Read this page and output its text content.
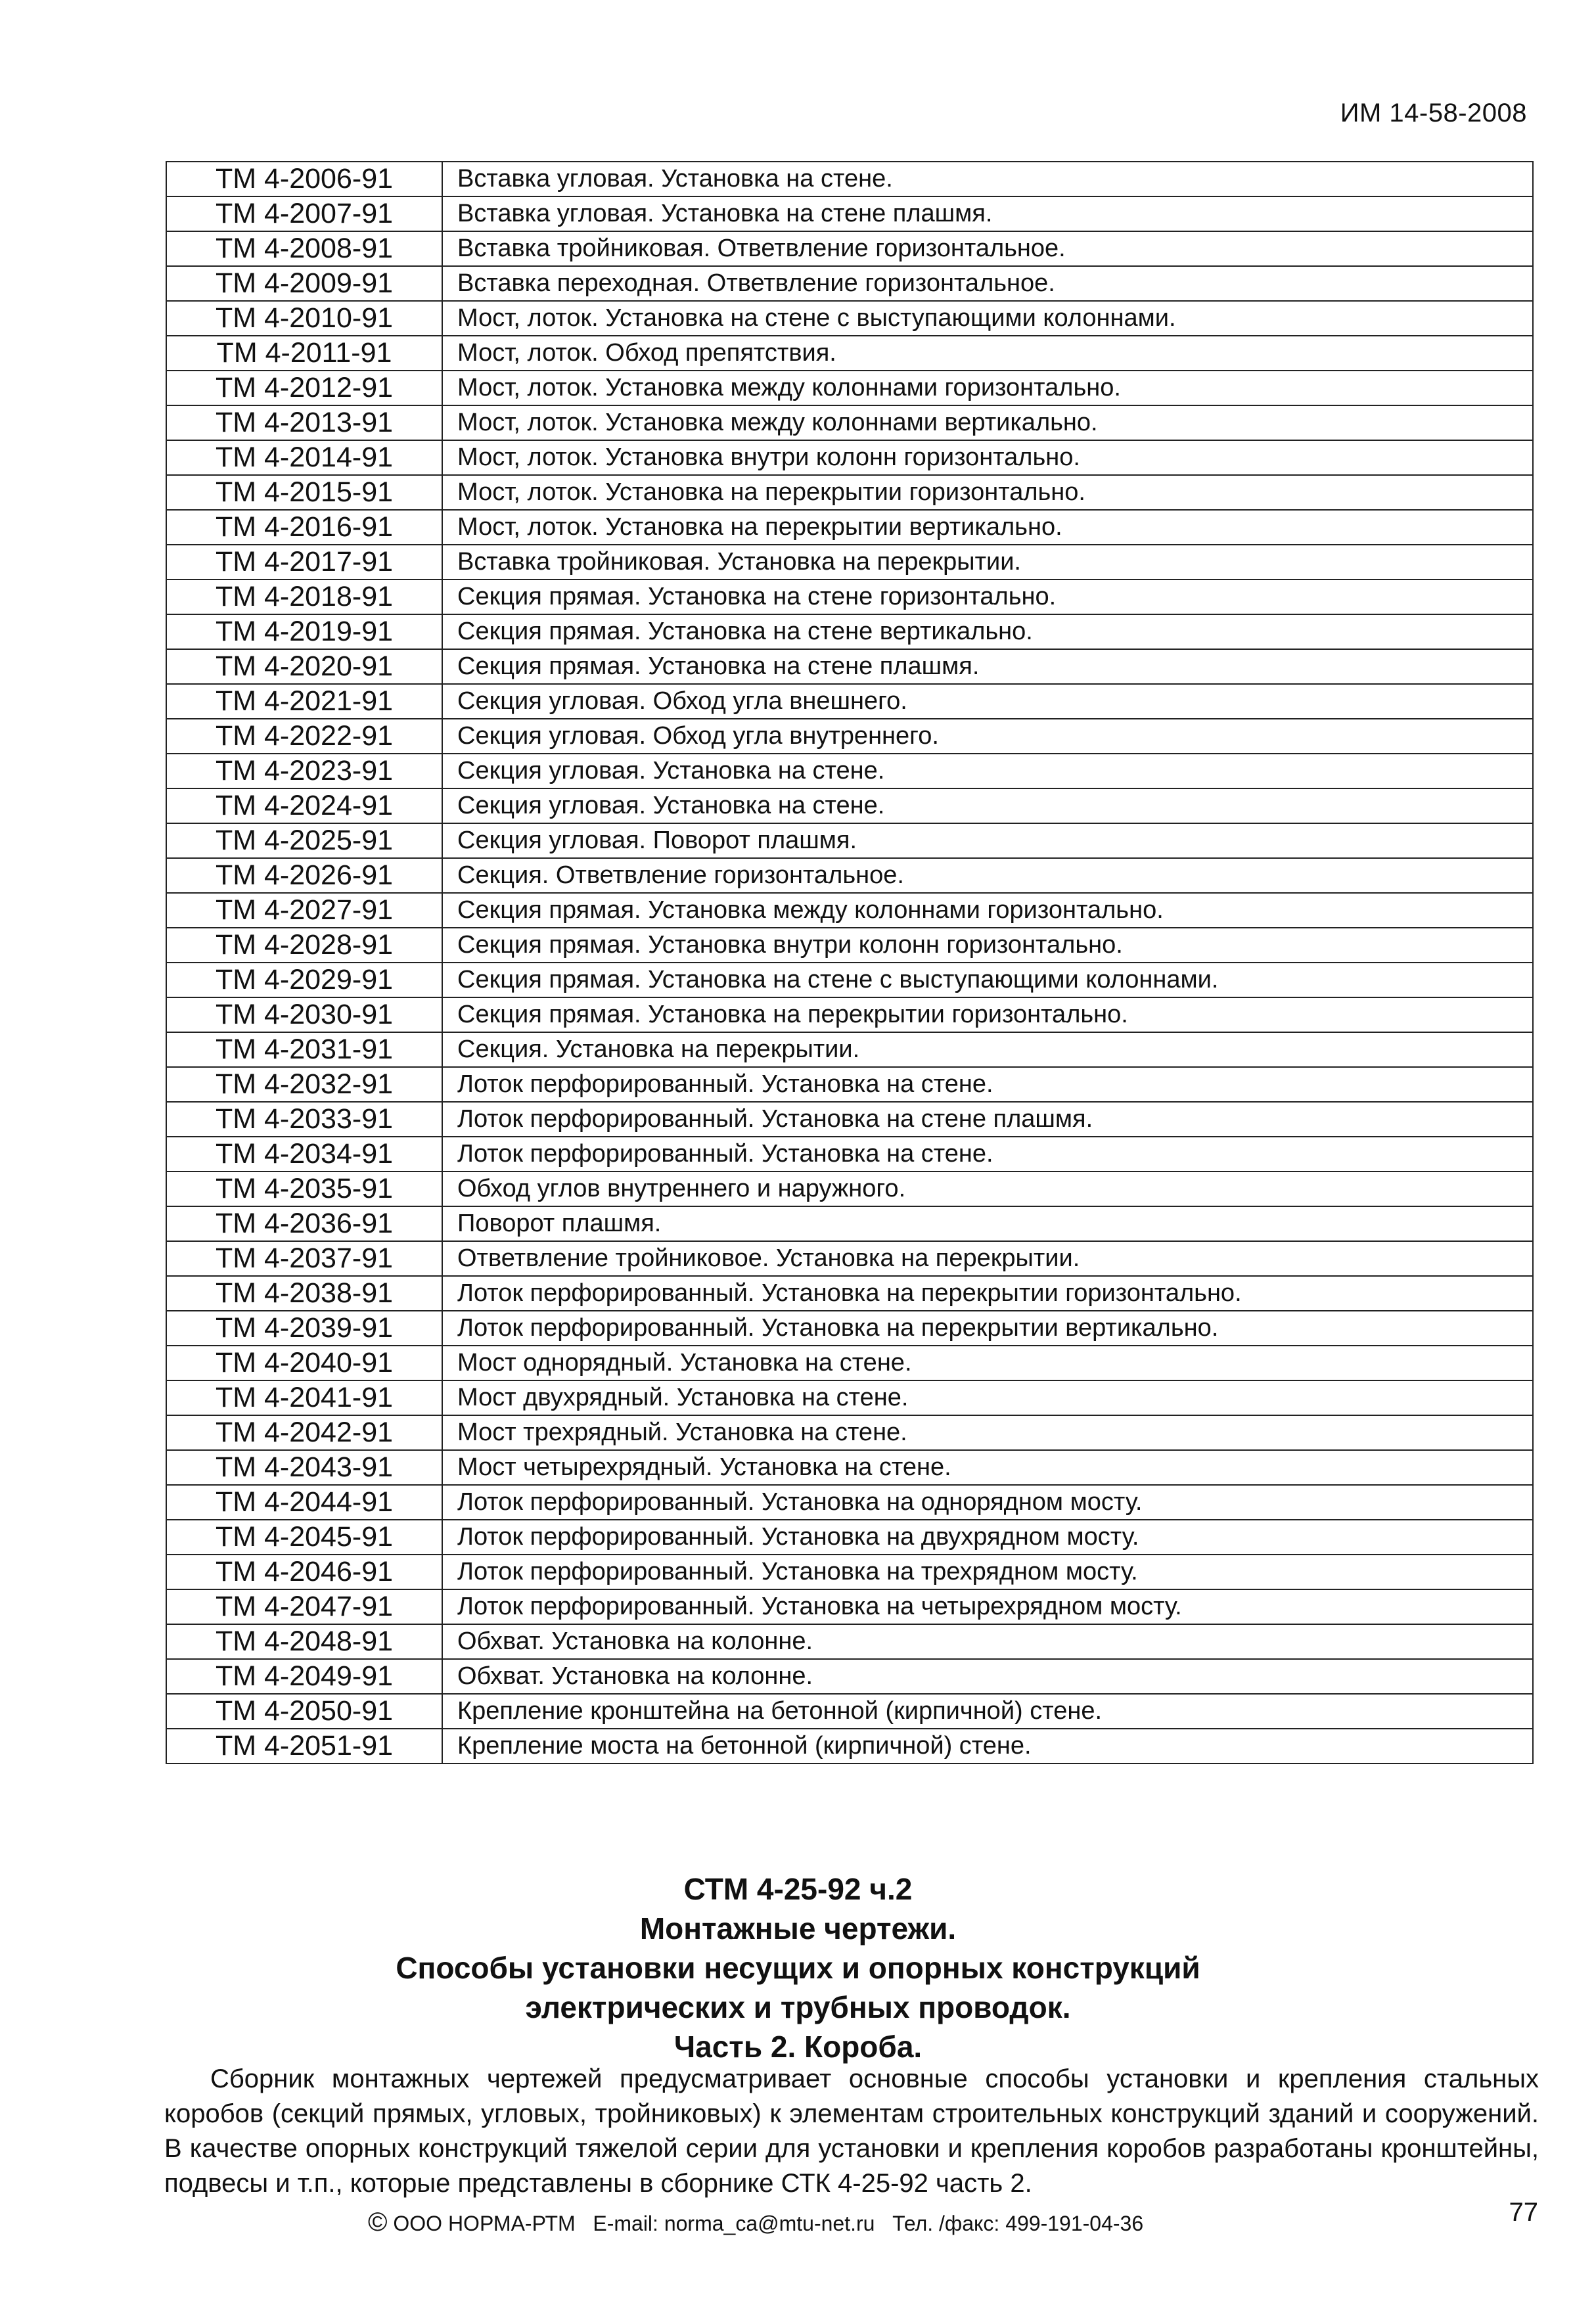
ИМ 14-58-2008
ТМ 4-2006-91	Вставка угловая. Установка на стене.
ТМ 4-2007-91	Вставка угловая. Установка на стене плашмя.
ТМ 4-2008-91	Вставка тройниковая. Ответвление горизонтальное.
ТМ 4-2009-91	Вставка переходная. Ответвление горизонтальное.
ТМ 4-2010-91	Мост, лоток. Установка на стене с выступающими колоннами.
ТМ 4-2011-91	Мост, лоток. Обход препятствия.
ТМ 4-2012-91	Мост, лоток. Установка между колоннами горизонтально.
ТМ 4-2013-91	Мост, лоток. Установка между колоннами вертикально.
ТМ 4-2014-91	Мост, лоток. Установка внутри колонн горизонтально.
ТМ 4-2015-91	Мост, лоток. Установка на перекрытии горизонтально.
ТМ 4-2016-91	Мост, лоток. Установка на перекрытии вертикально.
ТМ 4-2017-91	Вставка тройниковая. Установка на перекрытии.
ТМ 4-2018-91	Секция прямая. Установка на стене горизонтально.
ТМ 4-2019-91	Секция прямая. Установка на стене вертикально.
ТМ 4-2020-91	Секция прямая. Установка на стене плашмя.
ТМ 4-2021-91	Секция угловая. Обход угла внешнего.
ТМ 4-2022-91	Секция угловая. Обход угла внутреннего.
ТМ 4-2023-91	Секция угловая. Установка на стене.
ТМ 4-2024-91	Секция угловая. Установка на стене.
ТМ 4-2025-91	Секция угловая. Поворот плашмя.
ТМ 4-2026-91	Секция. Ответвление горизонтальное.
ТМ 4-2027-91	Секция прямая. Установка между колоннами горизонтально.
ТМ 4-2028-91	Секция прямая. Установка внутри колонн горизонтально.
ТМ 4-2029-91	Секция прямая. Установка на стене с выступающими колоннами.
ТМ 4-2030-91	Секция прямая. Установка на перекрытии горизонтально.
ТМ 4-2031-91	Секция. Установка на перекрытии.
ТМ 4-2032-91	Лоток перфорированный. Установка на стене.
ТМ 4-2033-91	Лоток перфорированный. Установка на стене плашмя.
ТМ 4-2034-91	Лоток перфорированный. Установка на стене.
ТМ 4-2035-91	Обход углов внутреннего и наружного.
ТМ 4-2036-91	Поворот плашмя.
ТМ 4-2037-91	Ответвление тройниковое. Установка на перекрытии.
ТМ 4-2038-91	Лоток перфорированный. Установка на перекрытии горизонтально.
ТМ 4-2039-91	Лоток перфорированный. Установка на перекрытии вертикально.
ТМ 4-2040-91	Мост однорядный. Установка на стене.
ТМ 4-2041-91	Мост двухрядный. Установка на стене.
ТМ 4-2042-91	Мост трехрядный. Установка на стене.
ТМ 4-2043-91	Мост четырехрядный. Установка на стене.
ТМ 4-2044-91	Лоток перфорированный. Установка на однорядном мосту.
ТМ 4-2045-91	Лоток перфорированный. Установка на двухрядном мосту.
ТМ 4-2046-91	Лоток перфорированный. Установка на трехрядном мосту.
ТМ 4-2047-91	Лоток перфорированный. Установка на четырехрядном мосту.
ТМ 4-2048-91	Обхват. Установка на колонне.
ТМ 4-2049-91	Обхват. Установка на колонне.
ТМ 4-2050-91	Крепление кронштейна на бетонной (кирпичной) стене.
ТМ 4-2051-91	Крепление моста на бетонной (кирпичной) стене.
СТМ 4-25-92 ч.2
Монтажные чертежи.
Способы установки несущих и опорных конструкций
электрических и трубных проводок.
Часть 2. Короба.
Сборник монтажных чертежей предусматривает основные способы установки и крепления стальных коробов (секций прямых, угловых, тройниковых) к элементам строительных конструкций зданий и сооружений. В качестве опорных конструкций тяжелой серии для установки и крепления коробов разработаны кронштейны, подвесы и т.п., которые представлены в сборнике СТК 4-25-92 часть 2.
© ООО НОРМА-РТМ E-mail: norma_ca@mtu-net.ru Тел. /факс: 499-191-04-36	77
